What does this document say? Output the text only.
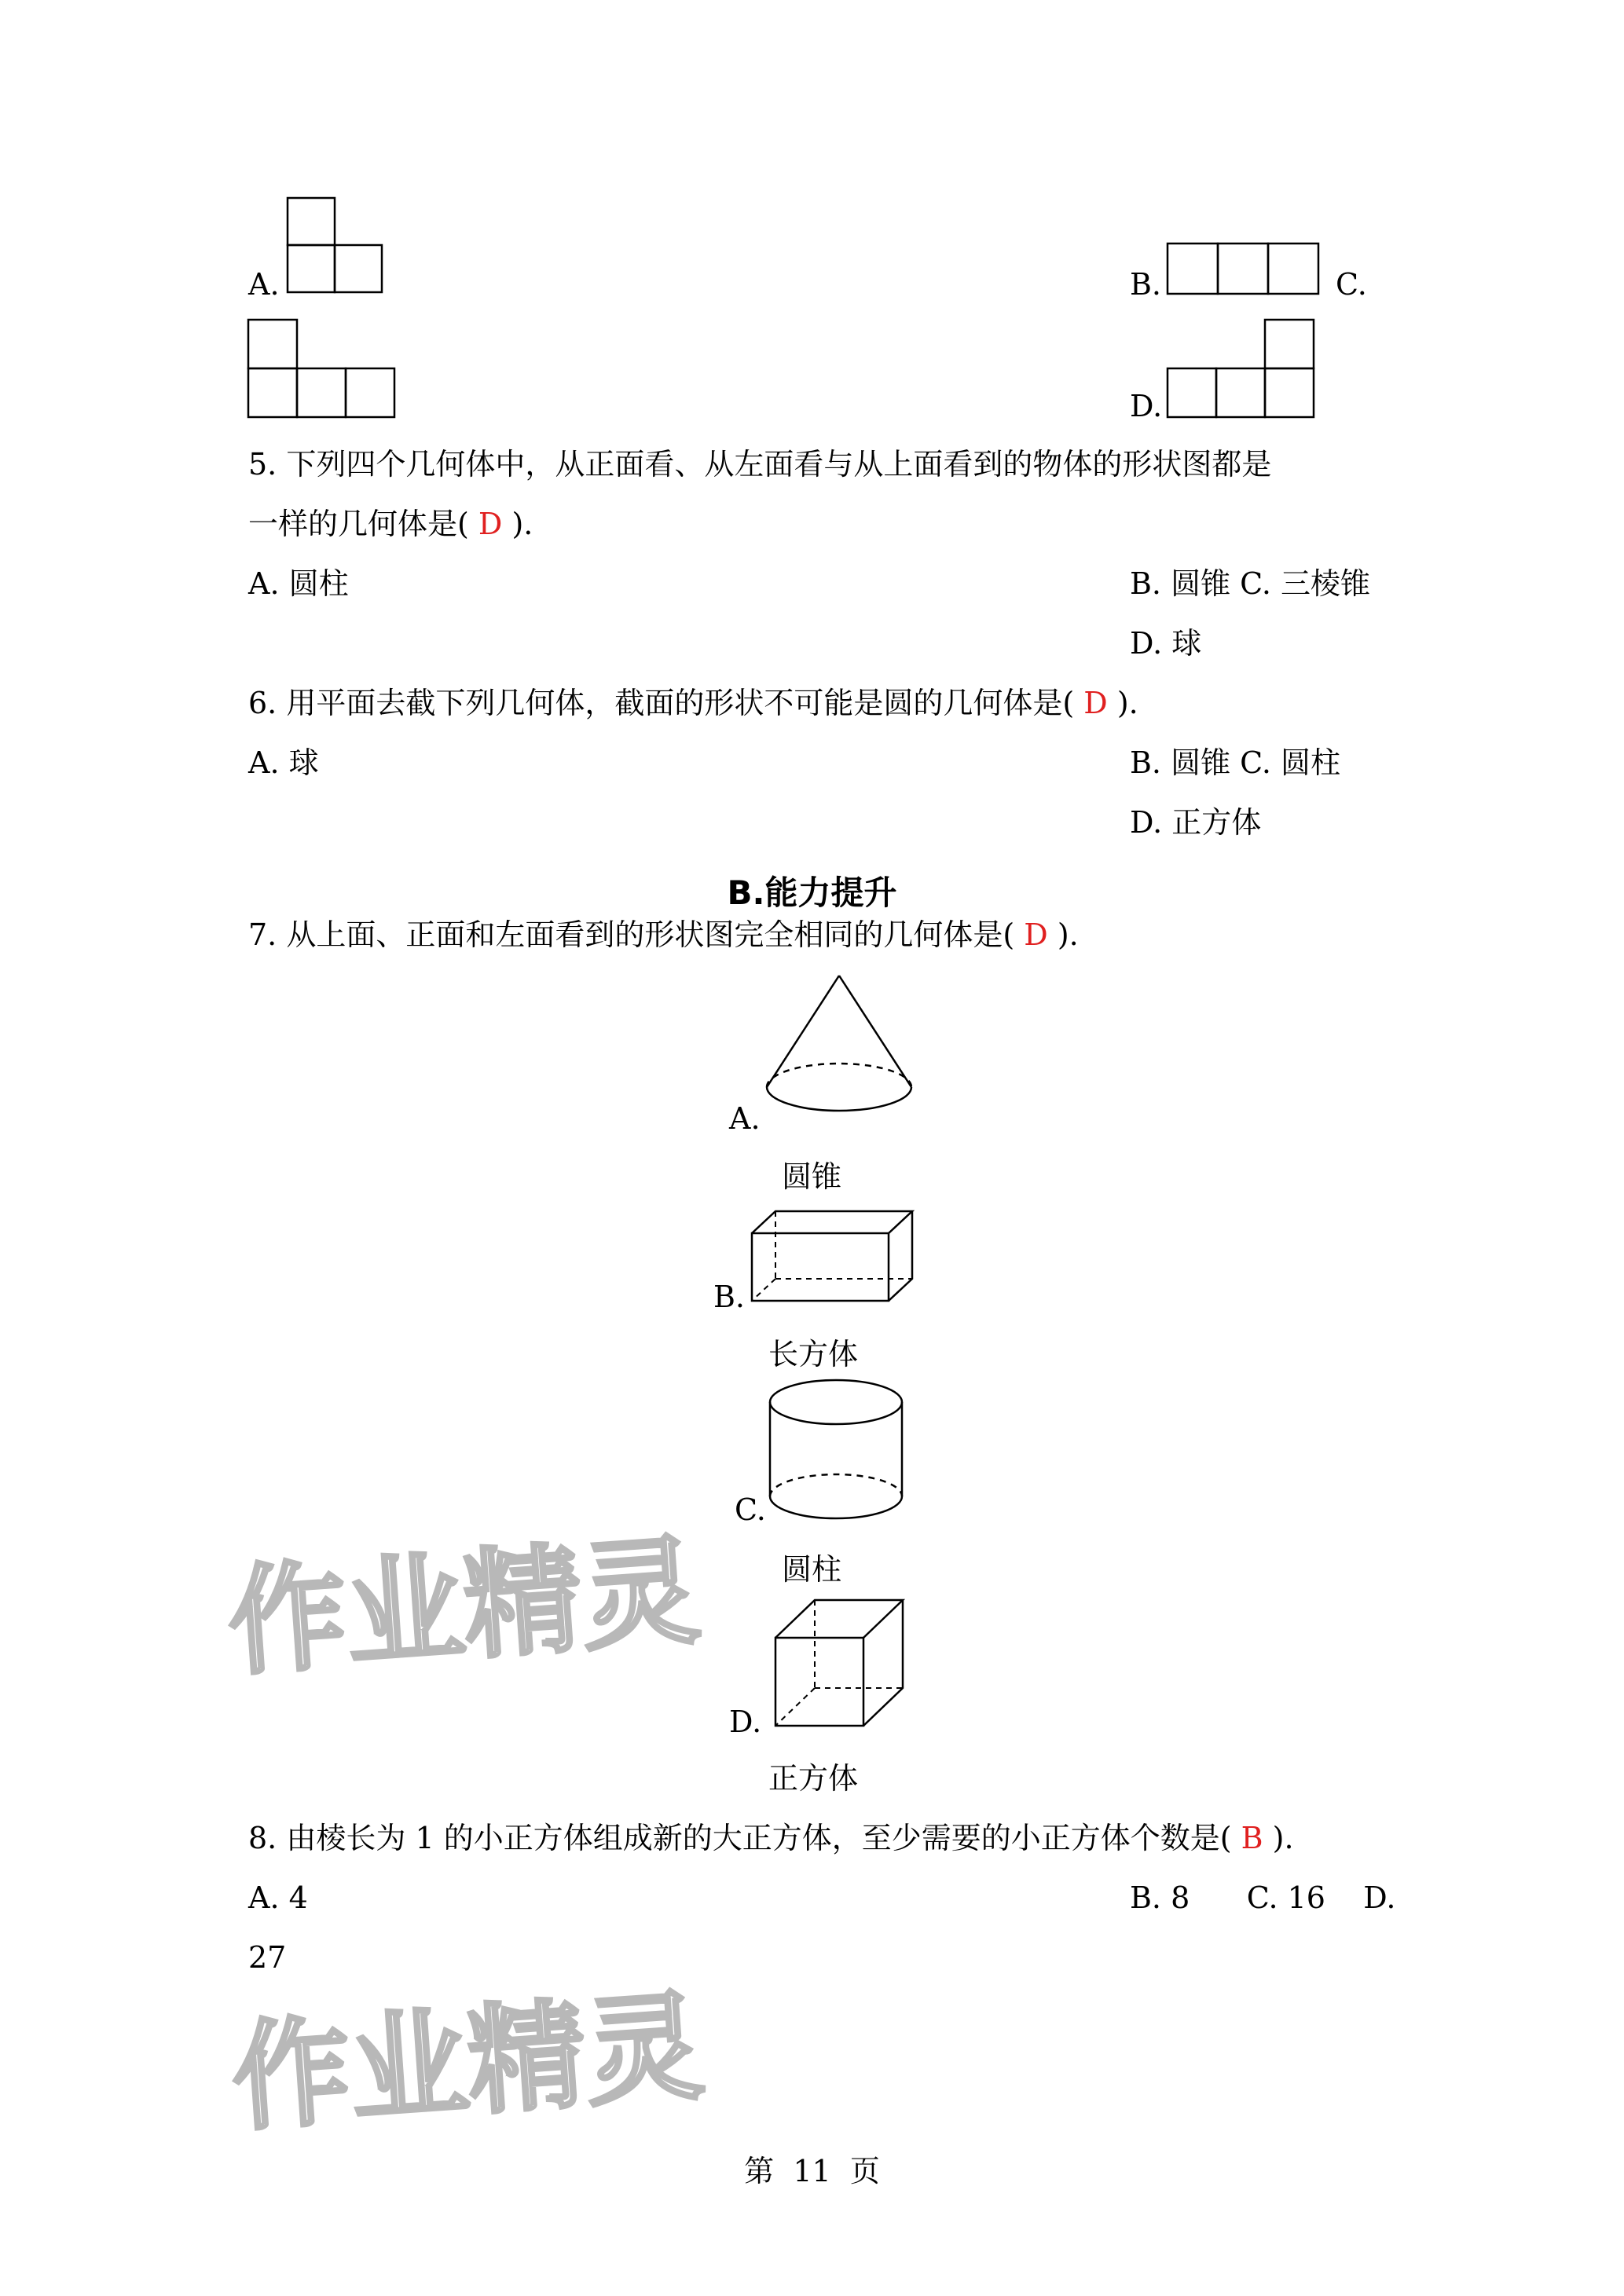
A.	B.	C.
D.
5. 下列四个几何体中，从正面看、从左面看与从上面看到的物体的形状图都是
一样的几何体是( D ).
A. 圆柱	B. 圆锥 C. 三棱锥
D. 球
6. 用平面去截下列几何体，截面的形状不可能是圆的几何体是( D ).
A. 球	B. 圆锥 C. 圆柱
D. 正方体
B.能力提升
7. 从上面、正面和左面看到的形状图完全相同的几何体是( D ).
A.
圆锥
B.
长方体
C.
圆柱
D.
正方体
8. 由棱长为 1 的小正方体组成新的大正方体，至少需要的小正方体个数是( B ).
A. 4	B. 8      C. 16    D.
27
作业精灵
作业精灵
第  11  页
